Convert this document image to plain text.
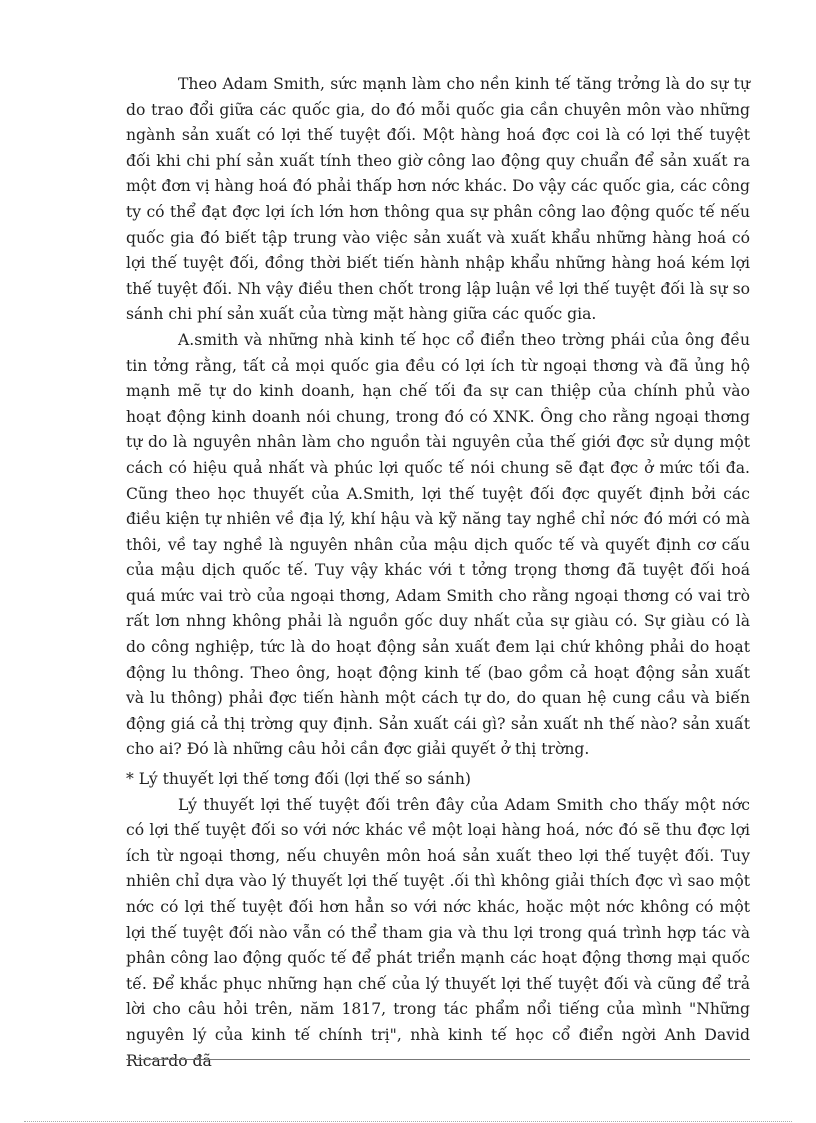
Theo Adam Smith, sức mạnh làm cho nền kinh tế tăng trởng là do sự tự do trao đổi giữa các quốc gia, do đó mỗi quốc gia cần chuyên môn vào những ngành sản xuất có lợi thế tuyệt đối. Một hàng hoá đợc coi là có lợi thế tuyệt đối khi chi phí sản xuất tính theo giờ công lao động quy chuẩn để sản xuất ra một đơn vị hàng hoá đó phải thấp hơn nớc khác. Do vậy các quốc gia, các công ty có thể đạt đợc lợi ích lớn hơn thông qua sự phân công lao động quốc tế nếu quốc gia đó biết tập trung vào việc sản xuất và xuất khẩu những hàng hoá có lợi thế tuyệt đối, đồng thời biết tiến hành nhập khẩu những hàng hoá kém lợi thế tuyệt đối. Nh vậy điều then chốt trong lập luận về lợi thế tuyệt đối là sự so sánh chi phí sản xuất của từng mặt hàng giữa các quốc gia.

A.smith và những nhà kinh tế học cổ điển theo trờng phái của ông đều tin tởng rằng, tất cả mọi quốc gia đều có lợi ích từ ngoại thơng và đã ủng hộ mạnh mẽ tự do kinh doanh, hạn chế tối đa sự can thiệp của chính phủ vào hoạt động kinh doanh nói chung, trong đó có XNK. Ông cho rằng ngoại thơng tự do là nguyên nhân làm cho nguồn tài nguyên của thế giới đợc sử dụng một cách có hiệu quả nhất và phúc lợi quốc tế nói chung sẽ đạt đợc ở mức tối đa. Cũng theo học thuyết của A.Smith, lợi thế tuyệt đối đợc quyết định bởi các điều kiện tự nhiên về địa lý, khí hậu và kỹ năng tay nghề chỉ nớc đó mới có mà thôi, về tay nghề là nguyên nhân của mậu dịch quốc tế và quyết định cơ cấu của mậu dịch quốc tế. Tuy vậy khác với t tởng trọng thơng đã tuyệt đối hoá quá mức vai trò của ngoại thơng, Adam Smith cho rằng ngoại thơng có vai trò rất lơn nhng không phải là nguồn gốc duy nhất của sự giàu có. Sự giàu có là do công nghiệp, tức là do hoạt động sản xuất đem lại chứ không phải do hoạt động lu thông. Theo ông, hoạt động kinh tế (bao gồm cả hoạt động sản xuất và lu thông) phải đợc tiến hành một cách tự do, do quan hệ cung cầu và biến động giá cả thị trờng quy định. Sản xuất cái gì? sản xuất nh thế nào? sản xuất cho ai? Đó là những câu hỏi cần đợc giải quyết ở thị trờng.

* Lý thuyết lợi thế tơng đối (lợi thế so sánh)

Lý thuyết lợi thế tuyệt đối trên đây của Adam Smith cho thấy một nớc có lợi thế tuyệt đối so với nớc khác về một loại hàng hoá, nớc đó sẽ thu đợc lợi ích từ ngoại thơng, nếu chuyên môn hoá sản xuất theo lợi thế tuyệt đối. Tuy nhiên chỉ dựa vào lý thuyết lợi thế tuyệt .ối thì không giải thích đợc vì sao một nớc có lợi thế tuyệt đối hơn hẳn so với nớc khác, hoặc một nớc không có một lợi thế tuyệt đối nào vẫn có thể tham gia và thu lợi trong quá trình hợp tác và phân công lao động quốc tế để phát triển mạnh các hoạt động thơng mại quốc tế. Để khắc phục những hạn chế của lý thuyết lợi thế tuyệt đối và cũng để trả lời cho câu hỏi trên, năm 1817, trong tác phẩm nổi tiếng của mình "Những nguyên lý của kinh tế chính trị", nhà kinh tế học cổ điển ngời Anh David Ricardo đã
